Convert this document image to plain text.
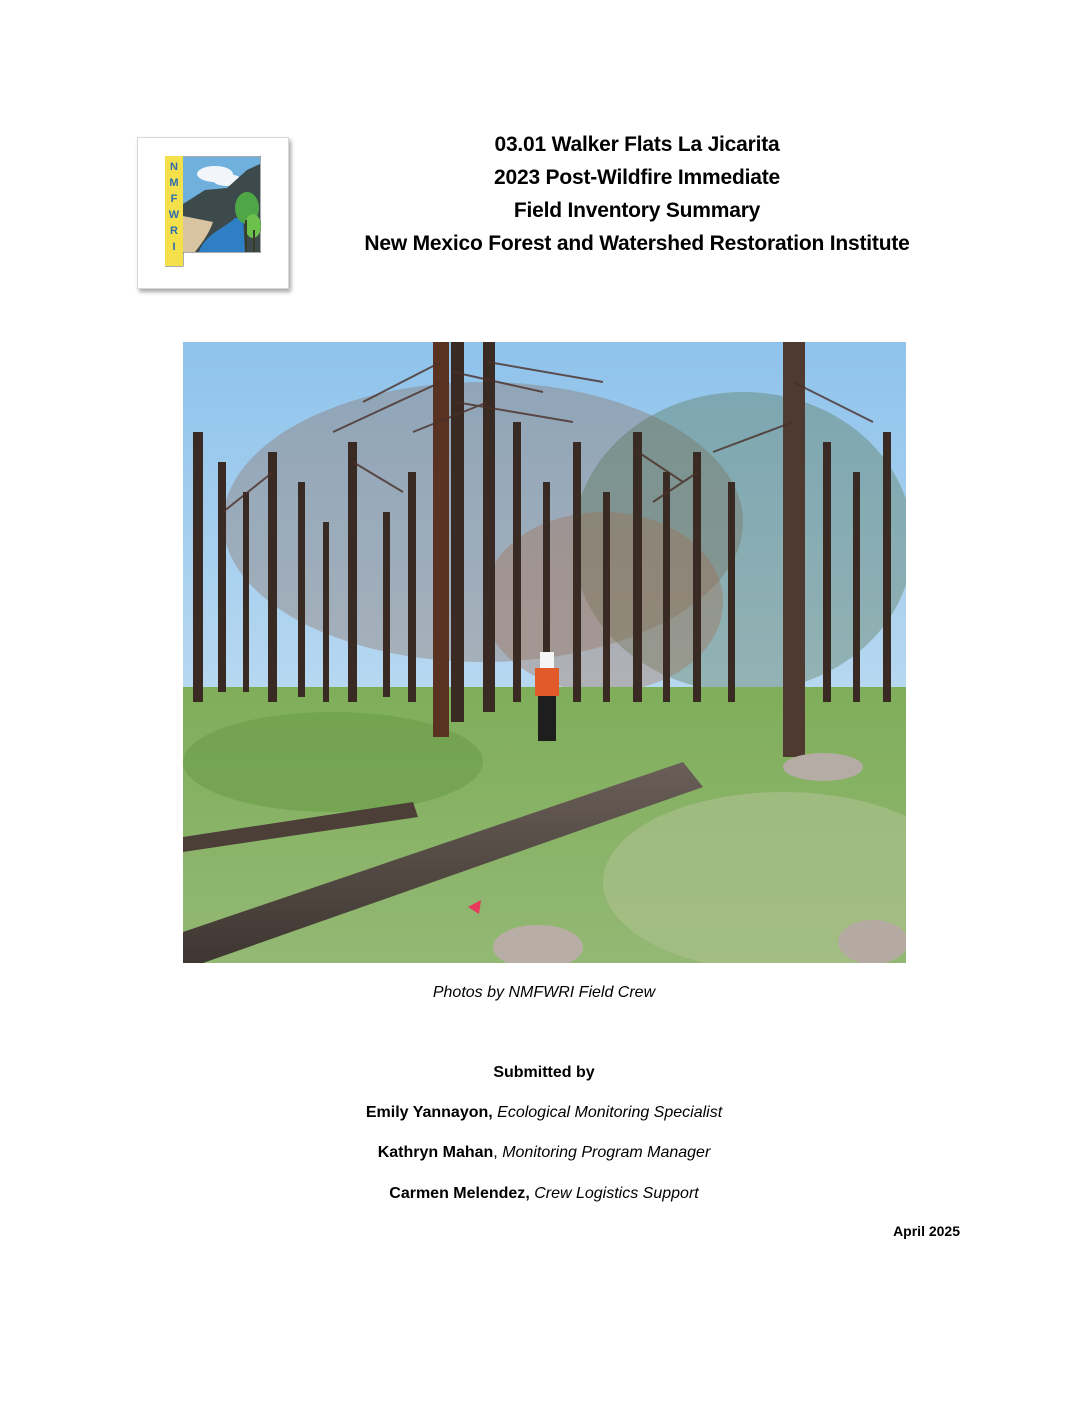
N
M
F
W
R
I
03.01 Walker Flats La Jicarita
2023 Post-Wildfire Immediate
Field Inventory Summary
New Mexico Forest and Watershed Restoration Institute
Photos by NMFWRI Field Crew
Submitted by
Emily Yannayon, Ecological Monitoring Specialist
Kathryn Mahan, Monitoring Program Manager
Carmen Melendez, Crew Logistics Support
April 2025
